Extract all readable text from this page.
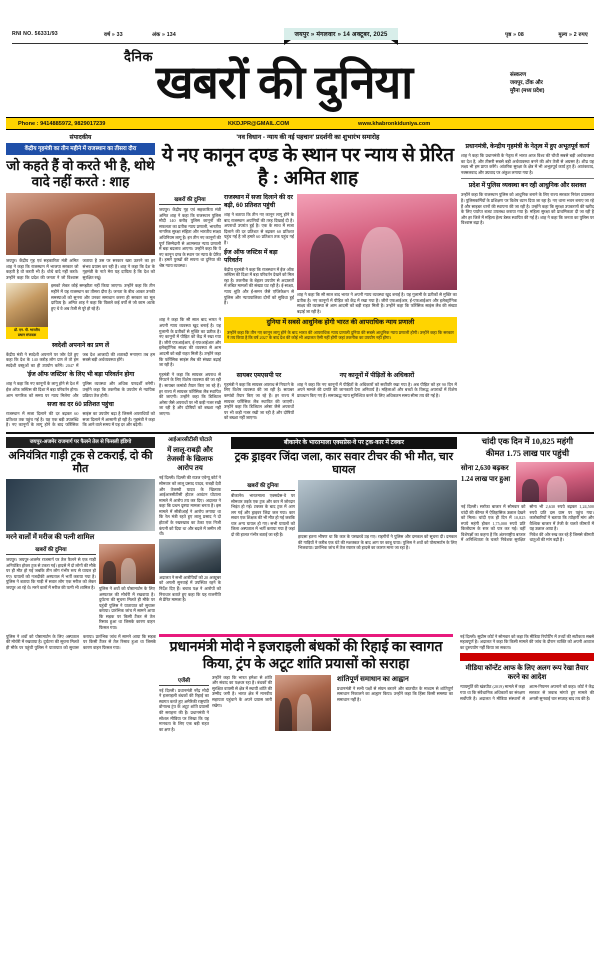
RNI NO. 56331/93	वर्ष » 33	अंक » 134	जयपुर » मंगलवार » 14 अक्टूबर, 2025	पृष्ठ » 08	मूल्य » 2 रुपए
दैनिक
खबरों की दुनिया	संस्करण
जयपुर, टोंक और
मुरैना (मध्य प्रदेश)
Phone : 9414885972, 9829017239	KKDJPR@GMAIL.COM	www.khabronkiduniya.com
संपादकीय
केंद्रीय गृहमंत्री का तीन महीने में राजस्थान का तीसरा दौरा
जो कहते हैं वो करते भी है, थोथे वादे नहीं करते : शाह
जयपुर। केंद्रीय गृह एवं सहकारिता मंत्री अमित शाह ने कहा कि राजस्थान में भाजपा सरकार जो कहती है वो करती भी है। थोथे वादे नहीं करते। उन्होंने कहा कि प्रदेश की जनता ने जो विश्वास जताया है उस पर सरकार खरा उतरने का हर संभव प्रयास कर रही है। शाह ने कहा कि देश के गृहमंत्री के नाते मेरा यह दायित्व है कि देश को सुरक्षित रखूं।
डॉ. एन. पी. भारतीय
प्रधान संपादक
इसको लेकर कोई समझौता नहीं किया जाएगा। उन्होंने कहा कि तीन महीने में यह राजस्थान का तीसरा दौरा है। जनता के बीच आकर उनकी समस्याओं को सुनना और उनका समाधान करना ही सरकार का मूल दायित्व है। अमित शाह ने कहा कि पिछले कई वर्षों से जो काम अटके हुए थे वे अब तेजी से पूरे हो रहे हैं।
स्वदेशी अपनाने का प्रण लें
केंद्रीय मंत्री ने स्वदेशी अपनाने पर जोर देते हुए कहा कि देश के 140 करोड़ लोग प्रण लें तो हम स्वदेशी वस्तुओं का ही उपयोग करेंगे। 2047 में जब देश आजादी की शताब्दी मनाएगा तब हम सबसे बड़ी अर्थव्यवस्था होंगे।
'ईज ऑफ जस्टिस' के लिए भी बड़ा परिवर्तन होगा
शाह ने कहा कि नए कानूनों के लागू होने से देश में ईज ऑफ जस्टिस की दिशा में बड़ा परिवर्तन होगा। आम नागरिक को समय पर न्याय मिलेगा और पुलिस व्यवस्था और अधिक पारदर्शी बनेगी। उन्होंने कहा कि तकनीक के उपयोग से न्यायिक प्रक्रिया तेज होगी।
सजा का दर 60 प्रतिशत पहुंचा
राजस्थान में सजा दिलाने की दर बढ़कर 60 प्रतिशत तक पहुंच गई है। यह एक बड़ी उपलब्धि है। नए कानूनों के लागू होने के बाद फॉरेंसिक साइंस का उपयोग बढ़ा है जिससे अपराधियों को सजा दिलाने में आसानी हो रही है। गृहमंत्री ने कहा कि आने वाले समय में यह दर और बढ़ेगी।
'नव विधान - न्याय की नई पहचान' प्रदर्शनी का शुभारंभ समारोह
ये नए कानून दण्ड के स्थान पर न्याय से प्रेरित है : अमित शाह
खबरों की दुनिया
जयपुर। केंद्रीय गृह एवं सहकारिता मंत्री अमित शाह ने कहा कि राजस्थान पुलिस मोदी 140 करोड़ पुलिस कानूनों की सफलता का प्रतीक न्याय प्रणाली, भारतीय नागरिक सुरक्षा संहिता और भारतीय साक्ष्य अधिनियम लागू है। इन तीन नए कानूनों की पूर्ण जिम्मेदारी से आत्मसात न्याय प्रणाली में बड़ा बदलाव आएगा। उन्होंने कहा कि ये नए कानून दण्ड के स्थान पर न्याय के प्रेरित है। हमारे पुरखों की सपना था दुनिया की श्रेष्ठ न्याय व्यवस्था।
राजस्थान में सजा दिलाने की दर बढ़ी, 60 प्रतिशत पहुंची
शाह ने बताया कि तीन नए कानून लागू होने के बाद राजस्थान अग्रणियों की तरह दिखाई दी है। अपराधों उपरांत हुई है। एक के साथ में सजा दिलाने की दर प्रतिशत से बढ़कर 60 प्रतिशत पहुंच गई है जो हमारे 60 प्रतिशत तक पहुंच गई है।
ईज ऑफ जस्टिस में बड़ा परिवर्तन
केंद्रीय गृहमंत्री ने कहा कि राजस्थान में ईज ऑफ जस्टिस की दिशा में बड़ा परिवर्तन देखने को मिल रहा है। तकनीक के बेहतर उपयोग से अदालतों में लंबित मामलों की संख्या घट रही है। ई-साक्ष्य, न्याय श्रुति और ई-समन जैसे एप्लिकेशन से पुलिस और न्यायपालिका दोनों को सुविधा हुई है।
शाह ने कहा कि सौ साल बाद भारत ने अपनी न्याय व्यवस्था खुद बनाई है। यह गुलामी के प्रतीकों से मुक्ति का प्रतीक है। नए कानूनों में पीड़ित को केंद्र में रखा गया है। जीरो एफआईआर, ई-एफआईआर और इलेक्ट्रॉनिक साक्ष्य की व्यवस्था से आम आदमी को बड़ी राहत मिली है। उन्होंने कहा कि फॉरेंसिक साइंस लैब की संख्या बढ़ाई जा रही है।
शाह ने कहा कि सौ साल बाद भारत ने अपनी न्याय व्यवस्था खुद बनाई है। यह गुलामी के प्रतीकों से मुक्ति का प्रतीक है। नए कानूनों में पीड़ित को केंद्र में रखा गया है। जीरो एफआईआर, ई-एफआईआर और इलेक्ट्रॉनिक साक्ष्य की व्यवस्था से आम आदमी को बड़ी राहत मिली है। उन्होंने कहा कि फॉरेंसिक साइंस लैब की संख्या बढ़ाई जा रही है।
दुनिया में सबसे आधुनिक होगी भारत की आपराधिक न्याय प्रणाली
उन्होंने कहा कि तीन नए कानून लागू होने के बाद भारत की आपराधिक न्याय प्रणाली दुनिया की सबसे आधुनिक न्याय प्रणाली होगी। उन्होंने कहा कि सरकार ने तय किया है कि वर्ष 2027 के बाद देश की कोई भी अदालत ऐसी नहीं होगी जहां तकनीक का उपयोग नहीं होगा।
गृहमंत्री ने कहा कि सायबर अपराध से निपटने के लिए विशेष व्यवस्था की जा रही है। सायबर कमांडो तैयार किए जा रहे हैं। हर राज्य में सायबर फॉरेंसिक लैब स्थापित की जाएगी। उन्होंने कहा कि डिजिटल अरेस्ट जैसे अपराधों पर भी कड़ी नजर रखी जा रही है और दोषियों को बख्शा नहीं जाएगा।
सायबर एमएसपी पर
गृहमंत्री ने कहा कि सायबर अपराध से निपटने के लिए विशेष व्यवस्था की जा रही है। सायबर कमांडो तैयार किए जा रहे हैं। हर राज्य में सायबर फॉरेंसिक लैब स्थापित की जाएगी। उन्होंने कहा कि डिजिटल अरेस्ट जैसे अपराधों पर भी कड़ी नजर रखी जा रही है और दोषियों को बख्शा नहीं जाएगा।
नए कानूनों में पीड़ितों के अधिकारों
शाह ने कहा कि नए कानूनों में पीड़ितों के अधिकारों को सर्वोपरि रखा गया है। अब पीड़ित को हर 90 दिन में अपने मामले की प्रगति की जानकारी देना अनिवार्य है। महिलाओं और बच्चों के विरुद्ध अपराधों में विशेष प्रावधान किए गए हैं। समयबद्ध न्याय सुनिश्चित करने के लिए अधिकतम समय सीमा तय की गई है।
प्रधानमंत्री, केन्द्रीय गृहमंत्री के नेतृत्व में हुए अभूतपूर्व कार्य
शाह ने कहा कि प्रधानमंत्री के नेतृत्व में भारत आज विश्व की चौथी सबसे बड़ी अर्थव्यवस्था का देश है, और तीसरी सबसे बड़ी अर्थव्यवस्था बनने की ओर तेजी से अग्रसर है। शीघ्र यह लक्ष्य भी हम प्राप्त करेंगे। आंतरिक सुरक्षा के क्षेत्र में भी अभूतपूर्व कार्य हुए हैं। आतंकवाद, नक्सलवाद और उग्रवाद पर अंकुश लगाया गया है।
प्रदेश में पुलिस व्यवस्था बन रही आधुनिक और सशक्त
उन्होंने कहा कि राजस्थान पुलिस को आधुनिक बनाने के लिए राज्य सरकार निरंतर प्रयासरत है। पुलिसकर्मियों के प्रशिक्षण पर विशेष ध्यान दिया जा रहा है। नए थाना भवन बनाए जा रहे हैं और साइबर थानों की स्थापना की जा रही है। उन्होंने कहा कि सुरक्षा उपकरणों की खरीद के लिए पर्याप्त बजट उपलब्ध कराया गया है। महिला सुरक्षा को प्राथमिकता दी जा रही है और हर जिले में महिला हेल्प डेस्क स्थापित की गई है। शाह ने कहा कि जनता का पुलिस पर विश्वास बढ़ा है।
जयपुर-अजमेर राजमार्ग पर फैलने तेल से फिसली इंडिगो
अनियंत्रित गाड़ी ट्रक से टकराई, दो की मौत
मरने वालों में मरीज की पत्नी शामिल
खबरों की दुनिया
जयपुर। जयपुर-अजमेर राजमार्ग पर तेल फैलने से एक गाड़ी अनियंत्रित होकर ट्रक से टकरा गई। हादसे में दो लोगों की मौके पर ही मौत हो गई जबकि तीन लोग गंभीर रूप से घायल हो गए। घायलों को नजदीकी अस्पताल में भर्ती कराया गया है। पुलिस ने बताया कि गाड़ी में सवार लोग एक मरीज को लेकर जयपुर आ रहे थे। मरने वालों में मरीज की पत्नी भी शामिल है। पुलिस ने शवों को पोस्टमार्टम के लिए अस्पताल की मोर्चरी में रखवाया है। दुर्घटना की सूचना मिलते ही मौके पर पहुंची पुलिस ने यातायात को सुचारू कराया। प्रारंभिक जांच में सामने आया कि सड़क पर किसी टैंकर से तेल रिसाव हुआ था जिसके कारण वाहन फिसल गया।
आईआरसीटीसी घोटाले
में लालू-राबड़ी और तेजस्वी के खिलाफ आरोप तय
नई दिल्ली। दिल्ली की राउज एवेन्यू कोर्ट ने सोमवार को लालू प्रसाद यादव, राबड़ी देवी और तेजस्वी यादव के खिलाफ आईआरसीटीसी होटल आवंटन घोटाला मामले में आरोप तय कर दिए। अदालत ने कहा कि प्रथम दृष्टया मामला बनता है। इस मामले में सीबीआई ने आरोप लगाया था कि रेल मंत्री रहते हुए लालू प्रसाद ने दो होटलों के रखरखाव का ठेका एक निजी कंपनी को दिया था और बदले में जमीन ली थी।
अदालत ने सभी आरोपियों को 20 अक्टूबर को अगली सुनवाई में उपस्थित रहने के निर्देश दिए हैं। बचाव पक्ष ने आरोपों को निराधार बताते हुए कहा कि यह राजनीति से प्रेरित मामला है।
बीकानेर के भारतमाला एक्सप्रेस-वे पर ट्रक-कार में टक्कर
ट्रक ड्राइवर जिंदा जला, कार सवार टीचर की भी मौत, चार घायल
खबरों की दुनिया
बीकानेर। भारतमाला एक्सप्रेस-वे पर सोमवार तड़के एक ट्रक और कार में जोरदार भिड़ंत हो गई। टक्कर के बाद ट्रक में आग लग गई और ड्राइवर जिंदा जल गया। कार सवार एक शिक्षक की भी मौत हो गई जबकि चार अन्य घायल हो गए। सभी घायलों को जिला अस्पताल में भर्ती कराया गया है जहां दो की हालत गंभीर बताई जा रही है।	हादसा इतना भीषण था कि कार के परखच्चे उड़ गए। राहगीरों ने पुलिस और दमकल को सूचना दी। दमकल की गाड़ियों ने करीब एक घंटे की मशक्कत के बाद आग पर काबू पाया। पुलिस ने शवों को पोस्टमार्टम के लिए भिजवाया। प्रारंभिक जांच में तेज रफ्तार को हादसे का कारण माना जा रहा है।
चांदी एक दिन में 10,825 महंगी
कीमत 1.75 लाख पार पहुंची
सोना 2,630 बढ़कर
1.24 लाख पार हुआ
नई दिल्ली। सर्राफा बाजार में सोमवार को चांदी की कीमत में ऐतिहासिक उछाल देखने को मिला। चांदी एक ही दिन में 10,825 रुपये महंगी होकर 1,75,000 रुपये प्रति किलोग्राम के स्तर को पार कर गई। वहीं सोना भी 2,630 रुपये बढ़कर 1,24,500 रुपये प्रति दस ग्राम पर पहुंच गया। कारोबारियों ने बताया कि त्योहारी मांग और वैश्विक बाजार में तेजी के चलते कीमतों में यह उछाल आया है।
विशेषज्ञों का कहना है कि अंतरराष्ट्रीय बाजार में अनिश्चितता के चलते निवेशक सुरक्षित निवेश की ओर रुख कर रहे हैं जिससे कीमती धातुओं की मांग बढ़ी है।
पुलिस ने शवों को पोस्टमार्टम के लिए अस्पताल की मोर्चरी में रखवाया है। दुर्घटना की सूचना मिलते ही मौके पर पहुंची पुलिस ने यातायात को सुचारू कराया। प्रारंभिक जांच में सामने आया कि सड़क पर किसी टैंकर से तेल रिसाव हुआ था जिसके कारण वाहन फिसल गया।	प्रधानमंत्री मोदी ने इजराइली बंधकों की रिहाई का स्वागत किया, ट्रंप के अटूट शांति प्रयासों को सराहा
एजेंसी
नई दिल्ली। प्रधानमंत्री नरेंद्र मोदी ने इजराइली बंधकों की रिहाई का स्वागत करते हुए अमेरिकी राष्ट्रपति डोनाल्ड ट्रंप के अटूट शांति प्रयासों की सराहना की है। प्रधानमंत्री ने सोशल मीडिया पर लिखा कि यह मानवता के लिए एक बड़ी राहत का क्षण है।
उन्होंने कहा कि भारत हमेशा से शांति और संवाद का पक्षधर रहा है। बंधकों की सुरक्षित वापसी से क्षेत्र में स्थायी शांति की उम्मीद जगी है। भारत क्षेत्र में मानवीय सहायता पहुंचाने के अपने प्रयास जारी रखेगा।
शांतिपूर्ण समाधान का आह्वान
प्रधानमंत्री ने सभी पक्षों से संयम बरतने और बातचीत के माध्यम से शांतिपूर्ण समाधान निकालने का आह्वान किया। उन्होंने कहा कि हिंसा किसी समस्या का समाधान नहीं है।
नई दिल्ली। सुप्रीम कोर्ट ने सोमवार को कहा कि मीडिया रिपोर्टिंग में तथ्यों की सटीकता सबसे महत्वपूर्ण है। अदालत ने कहा कि किसी मामले की जांच के दौरान व्यक्ति को अपनी आवाज का दुरुपयोग नहीं किया जा सकता।
मीडिया कॉन्टेंट आफ के लिए अलग रूप रेखा तैयार करने का आदेश
न्यायमूर्ति की खंडपीठ (2019) मामले में कहा गया था कि संवैधानिक अधिकारों का संरक्षण सर्वोपरि है। अदालत ने मीडिया संस्थानों से आत्म-नियमन अपनाने को कहा। कोर्ट ने केंद्र सरकार से जवाब मांगते हुए मामले की अगली सुनवाई चार सप्ताह बाद तय की है।
